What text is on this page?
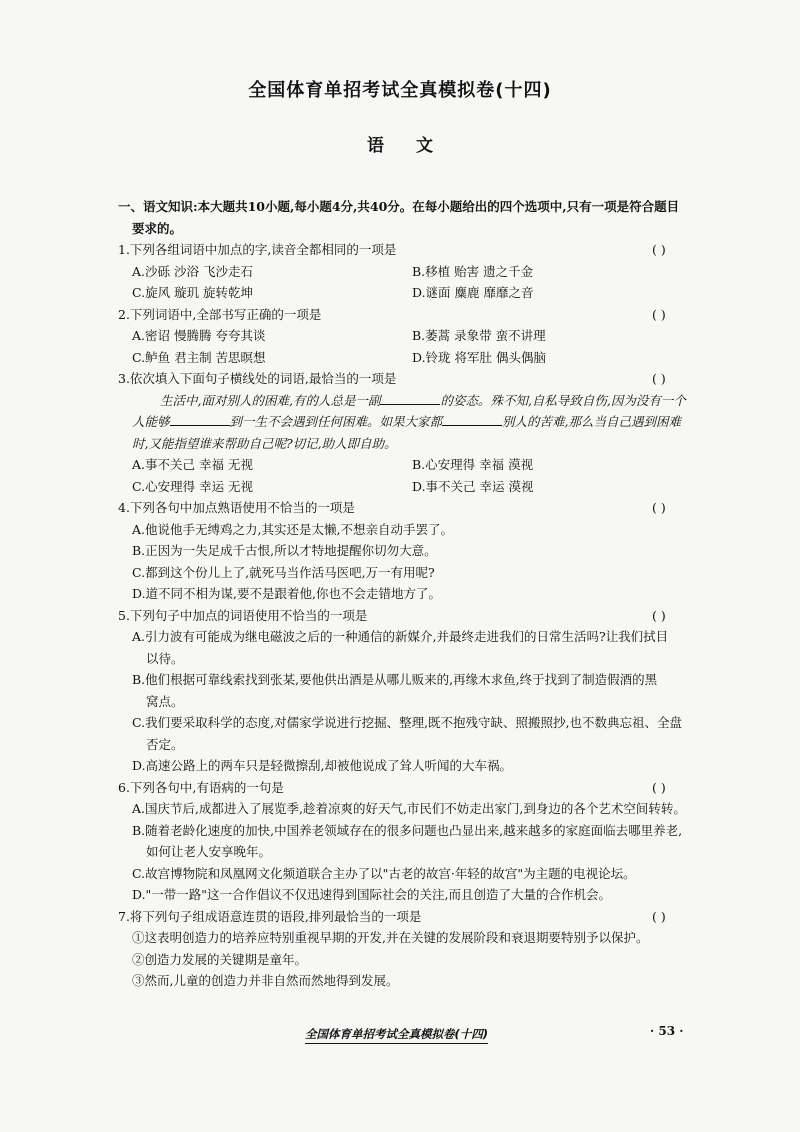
全国体育单招考试全真模拟卷(十四)
语文
一、语文知识:本大题共10小题,每小题4分,共40分。在每小题给出的四个选项中,只有一项是符合题目
要求的。
1.下列各组词语中加点的字,读音全都相同的一项是	( )
A.沙砾 沙浴 飞沙走石	B.移植 贻害 遗之千金
C.旋风 璇玑 旋转乾坤	D.谜面 麋鹿 靡靡之音
2.下列词语中,全部书写正确的一项是	( )
A.密诏 慢腾腾 夸夸其谈	B.萎蒿 录象带 蛮不讲理
C.鲈鱼 君主制 苦思暝想	D.铃珑 将军肚 偶头偶脑
3.依次填入下面句子横线处的词语,最恰当的一项是	( )
生活中,面对别人的困难,有的人总是一副	的姿态。殊不知,自私导致自伤,因为没有一个
人能够	到一生不会遇到任何困难。如果大家都	别人的苦难,那么当自己遇到困难
时,又能指望谁来帮助自己呢?切记,助人即自助。
A.事不关己 幸福 无视	B.心安理得 幸福 漠视
C.心安理得 幸运 无视	D.事不关己 幸运 漠视
4.下列各句中加点熟语使用不恰当的一项是	( )
A.他说他手无缚鸡之力,其实还是太懒,不想亲自动手罢了。
B.正因为一失足成千古恨,所以才特地提醒你切勿大意。
C.都到这个份儿上了,就死马当作活马医吧,万一有用呢?
D.道不同不相为谋,要不是跟着他,你也不会走错地方了。
5.下列句子中加点的词语使用不恰当的一项是	( )
A.引力波有可能成为继电磁波之后的一种通信的新媒介,并最终走进我们的日常生活吗?让我们拭目
以待。
B.他们根据可靠线索找到张某,要他供出酒是从哪儿贩来的,再缘木求鱼,终于找到了制造假酒的黑
窝点。
C.我们要采取科学的态度,对儒家学说进行挖掘、整理,既不抱残守缺、照搬照抄,也不数典忘祖、全盘
否定。
D.高速公路上的两车只是轻微擦刮,却被他说成了耸人听闻的大车祸。
6.下列各句中,有语病的一句是	( )
A.国庆节后,成都进入了展览季,趁着凉爽的好天气,市民们不妨走出家门,到身边的各个艺术空间转转。
B.随着老龄化速度的加快,中国养老领域存在的很多问题也凸显出来,越来越多的家庭面临去哪里养老,
如何让老人安享晚年。
C.故宫博物院和凤凰网文化频道联合主办了以"古老的故宫·年轻的故宫"为主题的电视论坛。
D."一带一路"这一合作倡议不仅迅速得到国际社会的关注,而且创造了大量的合作机会。
7.将下列句子组成语意连贯的语段,排列最恰当的一项是	( )
①这表明创造力的培养应特别重视早期的开发,并在关键的发展阶段和衰退期要特别予以保护。
②创造力发展的关键期是童年。
③然而,儿童的创造力并非自然而然地得到发展。
全国体育单招考试全真模拟卷(十四)	· 53 ·
